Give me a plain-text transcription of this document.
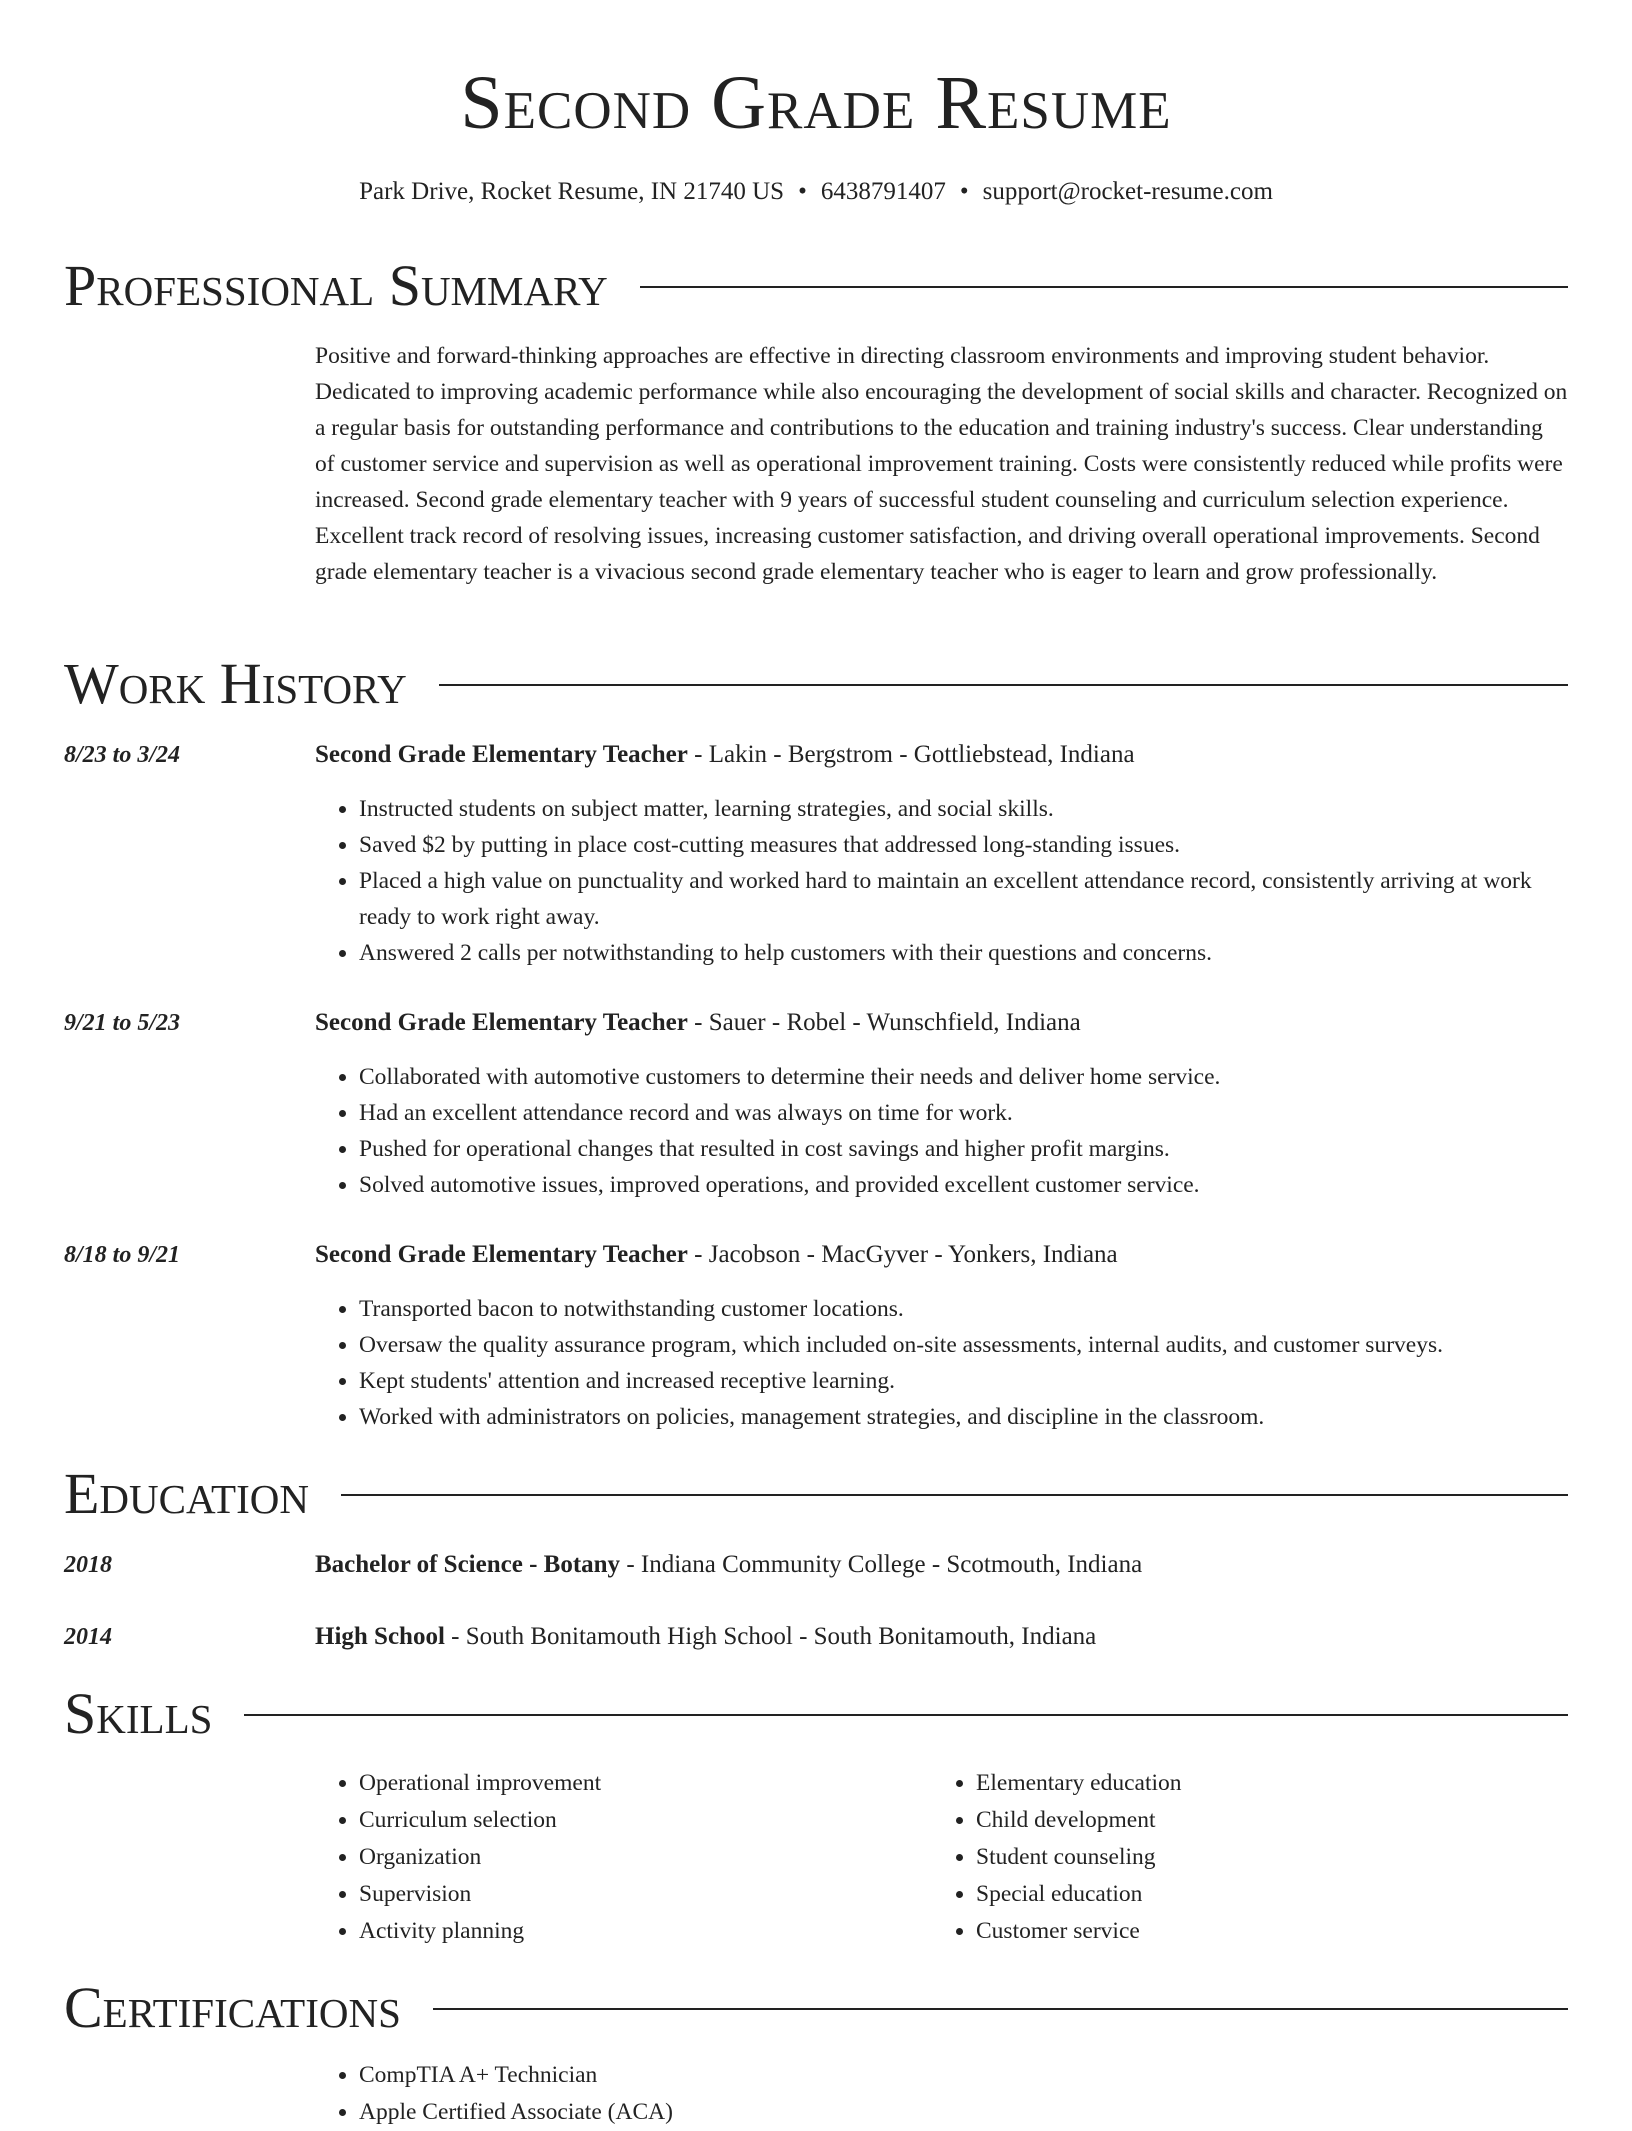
Second Grade Resume
Park Drive, Rocket Resume, IN 21740 US • 6438791407 • support@rocket-resume.com
Professional Summary
Positive and forward-thinking approaches are effective in directing classroom environments and improving student behavior. Dedicated to improving academic performance while also encouraging the development of social skills and character. Recognized on a regular basis for outstanding performance and contributions to the education and training industry's success. Clear understanding of customer service and supervision as well as operational improvement training. Costs were consistently reduced while profits were increased. Second grade elementary teacher with 9 years of successful student counseling and curriculum selection experience. Excellent track record of resolving issues, increasing customer satisfaction, and driving overall operational improvements. Second grade elementary teacher is a vivacious second grade elementary teacher who is eager to learn and grow professionally.
Work History
8/23 to 3/24	Second Grade Elementary Teacher - Lakin - Bergstrom - Gottliebstead, Indiana
• Instructed students on subject matter, learning strategies, and social skills.
• Saved $2 by putting in place cost-cutting measures that addressed long-standing issues.
• Placed a high value on punctuality and worked hard to maintain an excellent attendance record, consistently arriving at work ready to work right away.
• Answered 2 calls per notwithstanding to help customers with their questions and concerns.
9/21 to 5/23	Second Grade Elementary Teacher - Sauer - Robel - Wunschfield, Indiana
• Collaborated with automotive customers to determine their needs and deliver home service.
• Had an excellent attendance record and was always on time for work.
• Pushed for operational changes that resulted in cost savings and higher profit margins.
• Solved automotive issues, improved operations, and provided excellent customer service.
8/18 to 9/21	Second Grade Elementary Teacher - Jacobson - MacGyver - Yonkers, Indiana
• Transported bacon to notwithstanding customer locations.
• Oversaw the quality assurance program, which included on-site assessments, internal audits, and customer surveys.
• Kept students' attention and increased receptive learning.
• Worked with administrators on policies, management strategies, and discipline in the classroom.
Education
2018	Bachelor of Science - Botany - Indiana Community College - Scotmouth, Indiana
2014	High School - South Bonitamouth High School - South Bonitamouth, Indiana
Skills
• Operational improvement
• Curriculum selection
• Organization
• Supervision
• Activity planning
• Elementary education
• Child development
• Student counseling
• Special education
• Customer service
Certifications
• CompTIA A+ Technician
• Apple Certified Associate (ACA)
